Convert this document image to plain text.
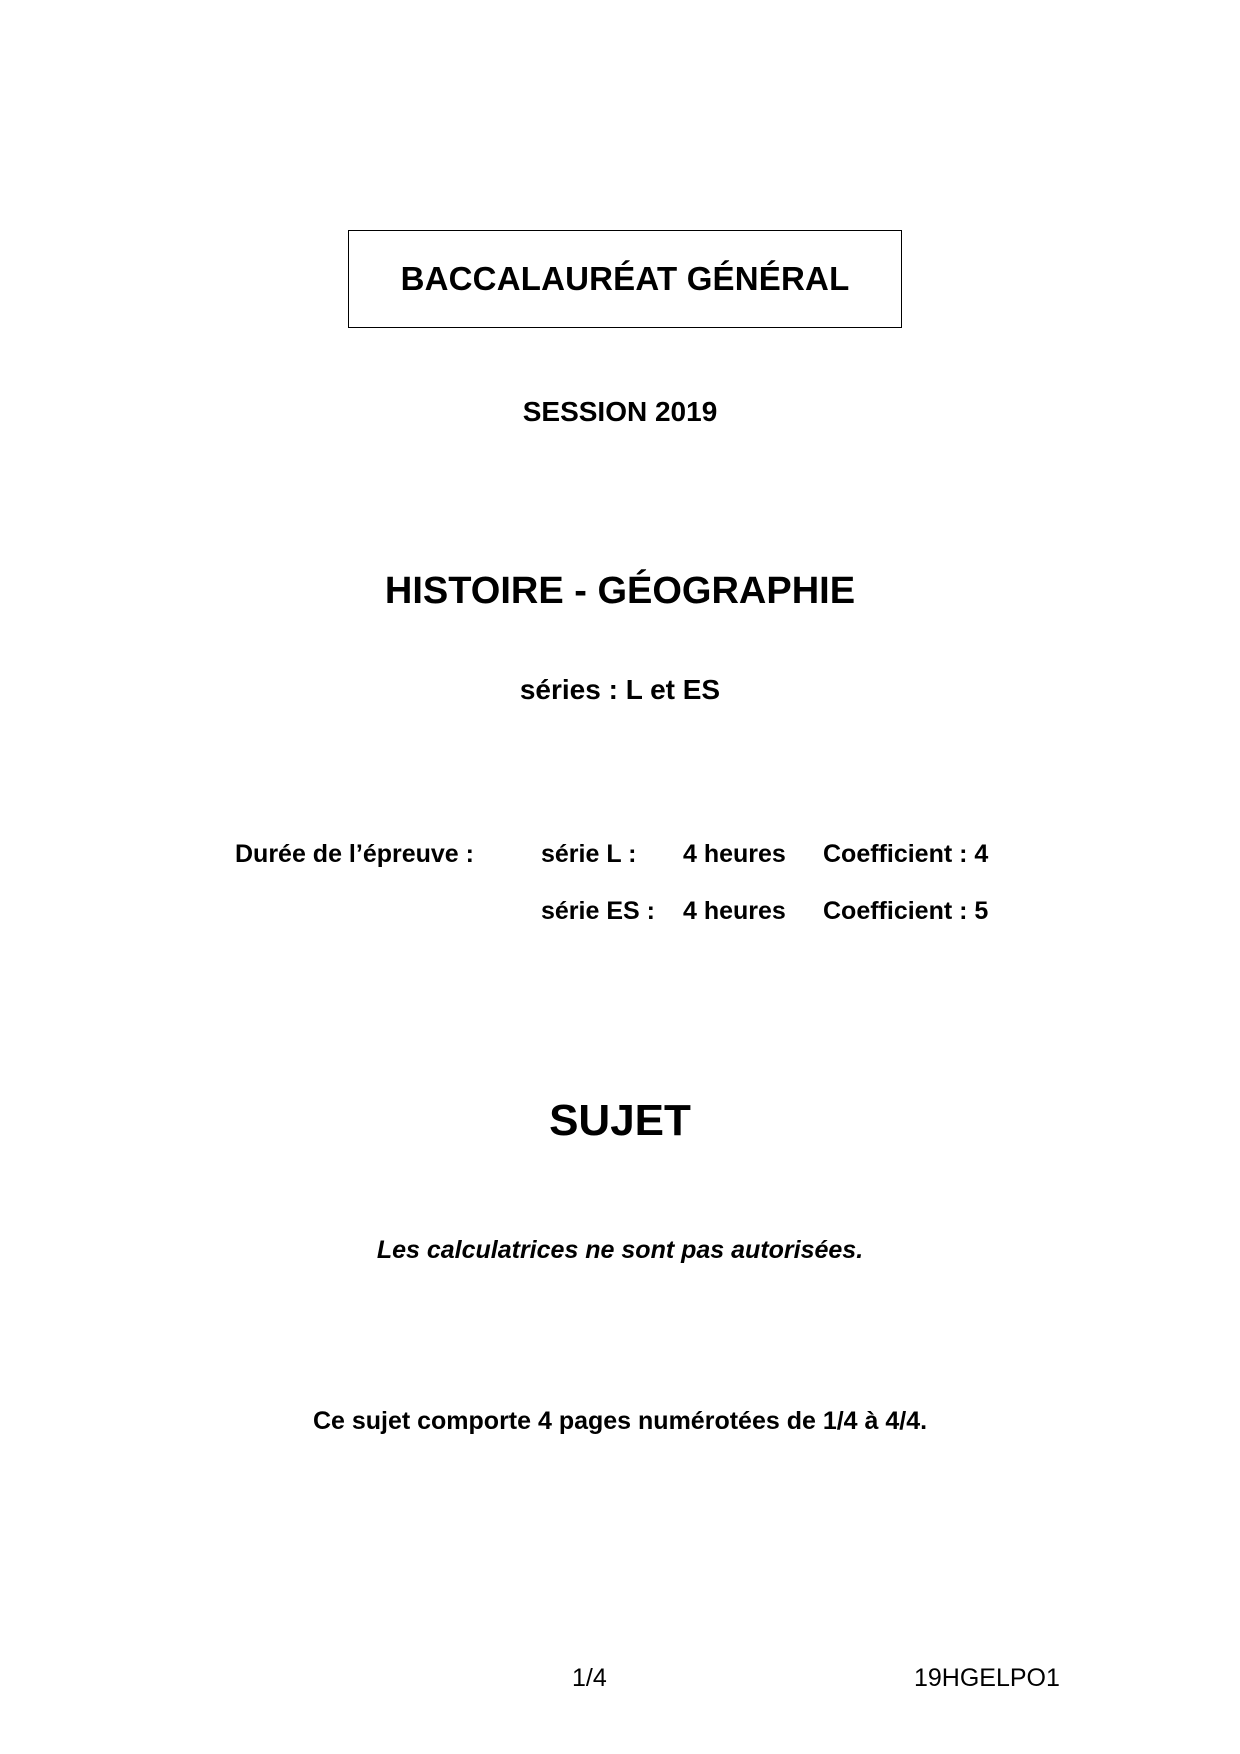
BACCALAURÉAT GÉNÉRAL
SESSION 2019
HISTOIRE - GÉOGRAPHIE
séries : L et ES
Durée de l’épreuve :	série L : 4 heures Coefficient : 4
série ES : 4 heures Coefficient : 5
SUJET
Les calculatrices ne sont pas autorisées.
Ce sujet comporte 4 pages numérotées de 1/4 à 4/4.
1/4	19HGELPO1
